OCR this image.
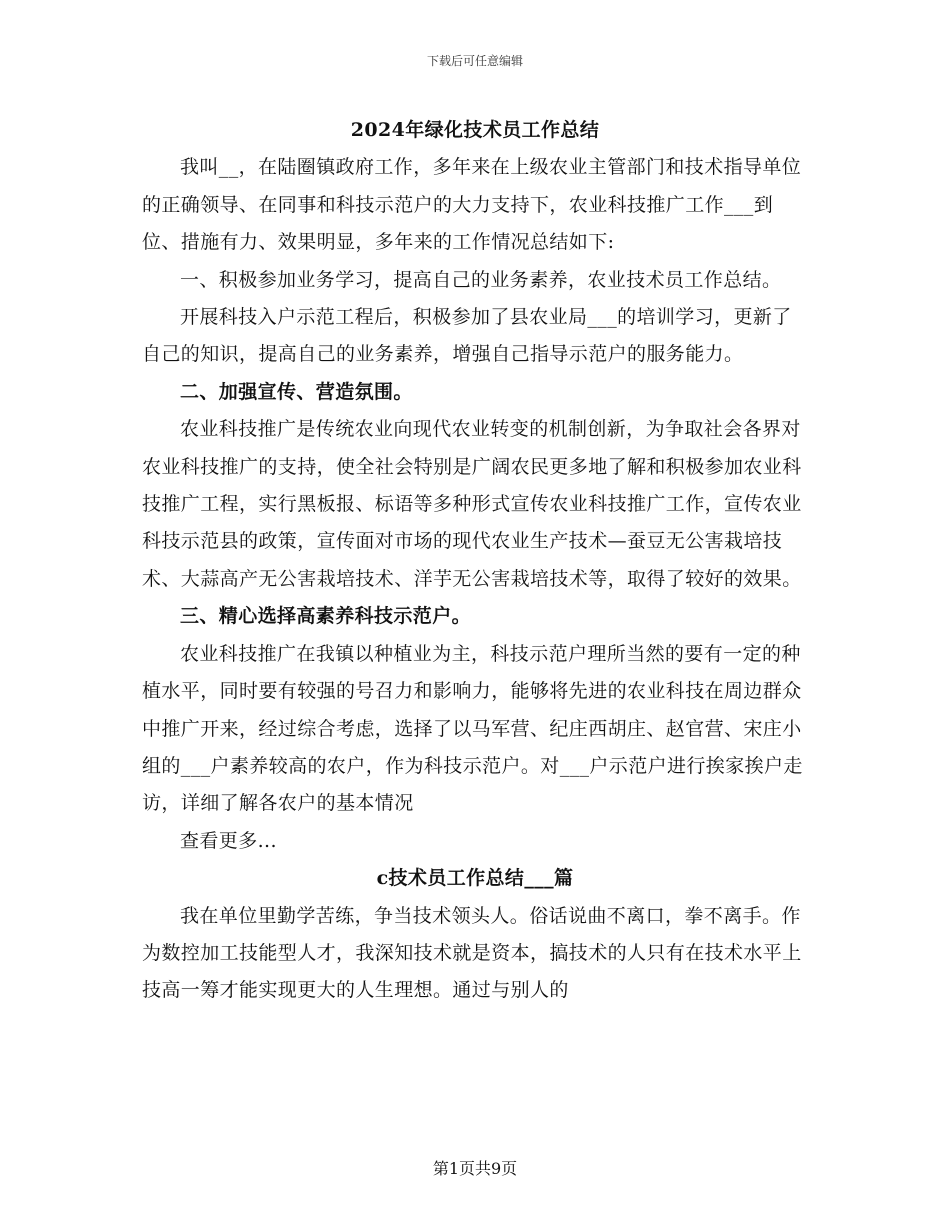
下载后可任意编辑

2024年绿化技术员工作总结

我叫__，在陆圈镇政府工作，多年来在上级农业主管部门和技术指导单位的正确领导、在同事和科技示范户的大力支持下，农业科技推广工作___到位、措施有力、效果明显，多年来的工作情况总结如下:

一、积极参加业务学习，提高自己的业务素养，农业技术员工作总结。

开展科技入户示范工程后，积极参加了县农业局___的培训学习，更新了自己的知识，提高自己的业务素养，增强自己指导示范户的服务能力。

二、加强宣传、营造氛围。

农业科技推广是传统农业向现代农业转变的机制创新，为争取社会各界对农业科技推广的支持，使全社会特别是广阔农民更多地了解和积极参加农业科技推广工程，实行黑板报、标语等多种形式宣传农业科技推广工作，宣传农业科技示范县的政策，宣传面对市场的现代农业生产技术—蚕豆无公害栽培技术、大蒜高产无公害栽培技术、洋芋无公害栽培技术等，取得了较好的效果。

三、精心选择高素养科技示范户。

农业科技推广在我镇以种植业为主，科技示范户理所当然的要有一定的种植水平，同时要有较强的号召力和影响力，能够将先进的农业科技在周边群众中推广开来，经过综合考虑，选择了以马军营、纪庄西胡庄、赵官营、宋庄小组的___户素养较高的农户，作为科技示范户。对___户示范户进行挨家挨户走访，详细了解各农户的基本情况

查看更多...

c技术员工作总结___篇

我在单位里勤学苦练，争当技术领头人。俗话说曲不离口，拳不离手。作为数控加工技能型人才，我深知技术就是资本，搞技术的人只有在技术水平上技高一筹才能实现更大的人生理想。通过与别人的

第1页共9页
